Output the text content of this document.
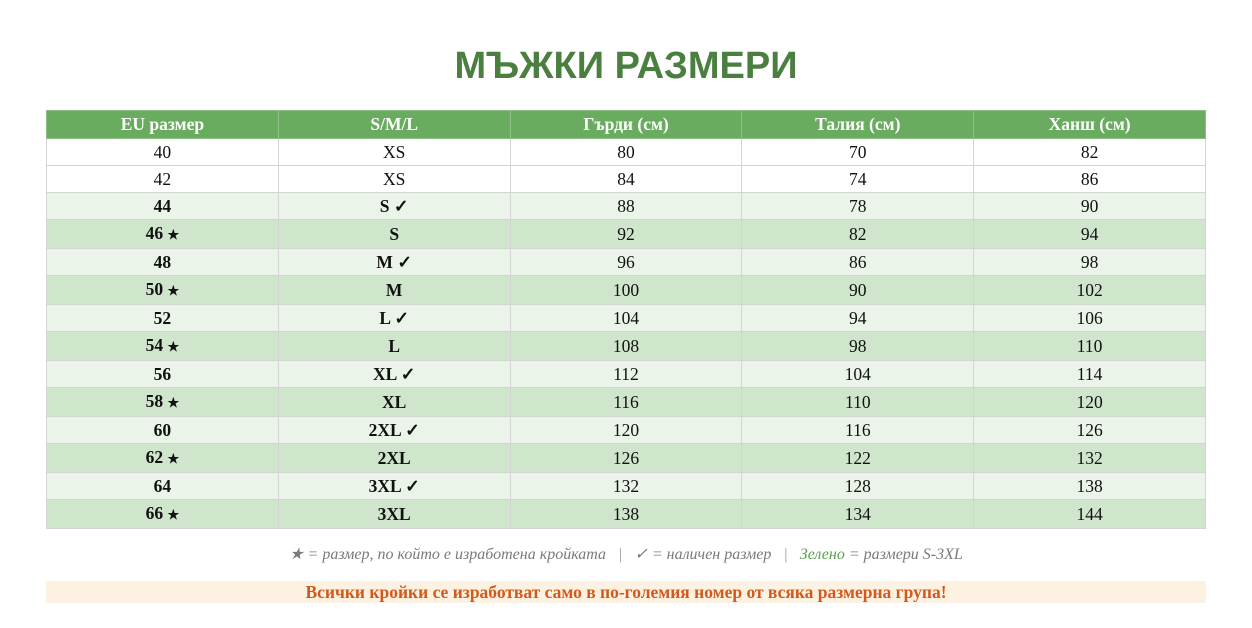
МЪЖКИ РАЗМЕРИ
EU размер	S/M/L	Гърди (см)	Талия (см)	Ханш (см)
40	XS	80	70	82
42	XS	84	74	86
44	S ✓	88	78	90
46 ★	S	92	82	94
48	M ✓	96	86	98
50 ★	M	100	90	102
52	L ✓	104	94	106
54 ★	L	108	98	110
56	XL ✓	112	104	114
58 ★	XL	116	110	120
60	2XL ✓	120	116	126
62 ★	2XL	126	122	132
64	3XL ✓	132	128	138
66 ★	3XL	138	134	144
★ = размер, по който е изработена кройката | ✓ = наличен размер | Зелено = размери S-3XL
Всички кройки се изработват само в по-големия номер от всяка размерна група!
